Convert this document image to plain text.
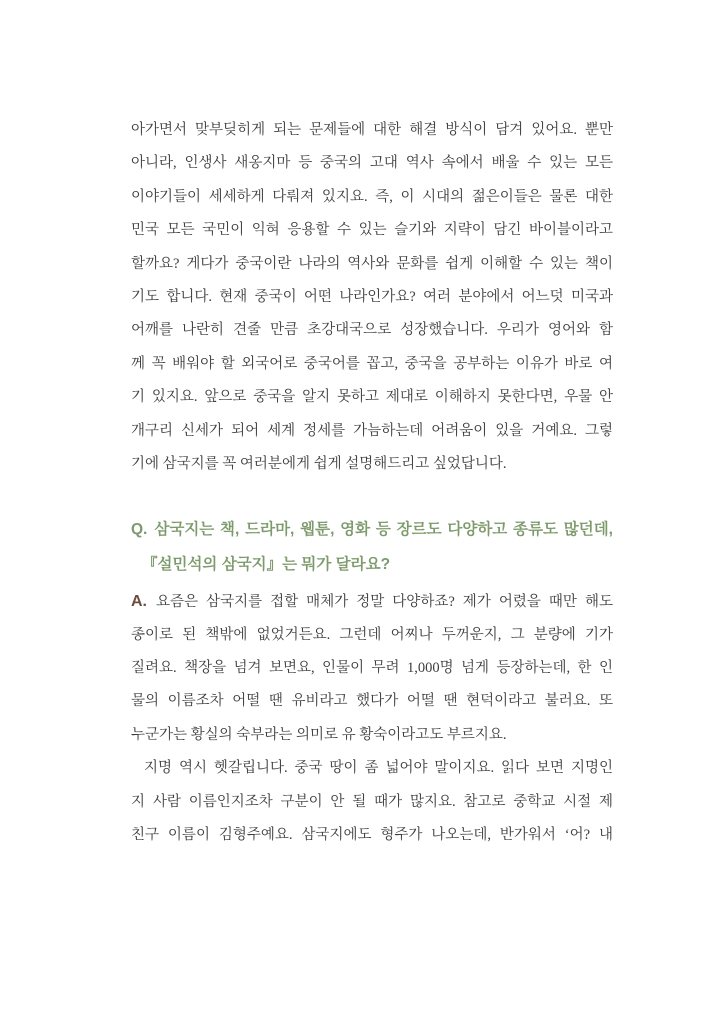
아가면서 맞부딪히게 되는 문제들에 대한 해결 방식이 담겨 있어요. 뿐만
아니라, 인생사 새옹지마 등 중국의 고대 역사 속에서 배울 수 있는 모든
이야기들이 세세하게 다뤄져 있지요. 즉, 이 시대의 젊은이들은 물론 대한
민국 모든 국민이 익혀 응용할 수 있는 슬기와 지략이 담긴 바이블이라고
할까요? 게다가 중국이란 나라의 역사와 문화를 쉽게 이해할 수 있는 책이
기도 합니다. 현재 중국이 어떤 나라인가요? 여러 분야에서 어느덧 미국과
어깨를 나란히 견줄 만큼 초강대국으로 성장했습니다. 우리가 영어와 함
께 꼭 배워야 할 외국어로 중국어를 꼽고, 중국을 공부하는 이유가 바로 여
기 있지요. 앞으로 중국을 알지 못하고 제대로 이해하지 못한다면, 우물 안
개구리 신세가 되어 세계 정세를 가늠하는데 어려움이 있을 거예요. 그렇
기에 삼국지를 꼭 여러분에게 쉽게 설명해드리고 싶었답니다.
Q. 삼국지는 책, 드라마, 웹툰, 영화 등 장르도 다양하고 종류도 많던데,
『설민석의 삼국지』는 뭐가 달라요?
A. 요즘은 삼국지를 접할 매체가 정말 다양하죠? 제가 어렸을 때만 해도
종이로 된 책밖에 없었거든요. 그런데 어찌나 두꺼운지, 그 분량에 기가
질려요. 책장을 넘겨 보면요, 인물이 무려 1,000명 넘게 등장하는데, 한 인
물의 이름조차 어떨 땐 유비라고 했다가 어떨 땐 현덕이라고 불러요. 또
누군가는 황실의 숙부라는 의미로 유 황숙이라고도 부르지요.
지명 역시 헷갈립니다. 중국 땅이 좀 넓어야 말이지요. 읽다 보면 지명인
지 사람 이름인지조차 구분이 안 될 때가 많지요. 참고로 중학교 시절 제
친구 이름이 김형주예요. 삼국지에도 형주가 나오는데, 반가워서 ‘어? 내
